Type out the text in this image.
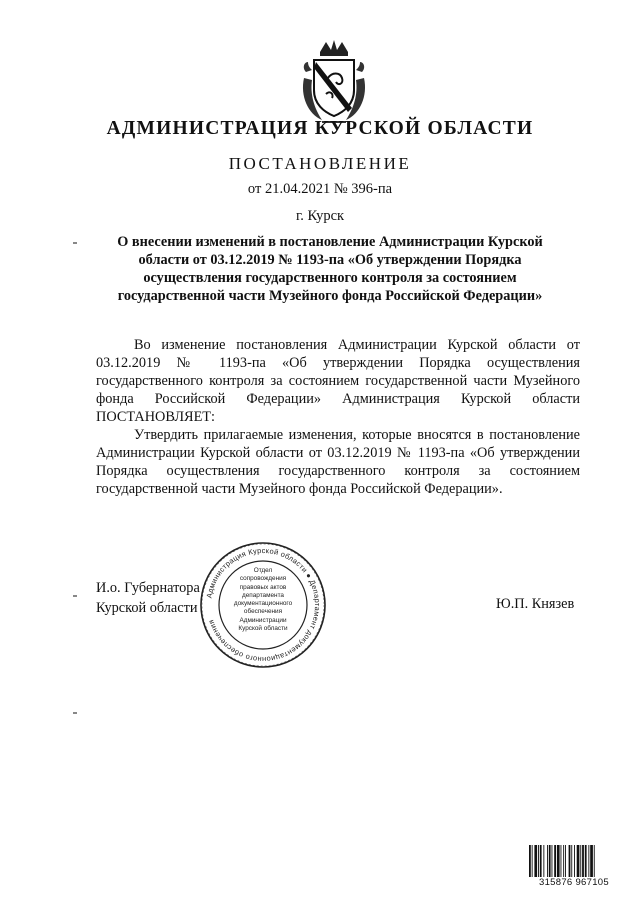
АДМИНИСТРАЦИЯ КУРСКОЙ ОБЛАСТИ
ПОСТАНОВЛЕНИЕ
от 21.04.2021 № 396-па
г. Курск
О внесении изменений в постановление Администрации Курской
области от 03.12.2019 № 1193-па «Об утверждении Порядка
осуществления государственного контроля за состоянием
государственной части Музейного фонда Российской Федерации»

Во изменение постановления Администрации Курской области от 03.12.2019 № 1193-па «Об утверждении Порядка осуществления государственного контроля за состоянием государственной части Музейного фонда Российской Федерации» Администрация Курской области ПОСТАНОВЛЯЕТ:

Утвердить прилагаемые изменения, которые вносятся в постановление Администрации Курской области от 03.12.2019 № 1193-па «Об утверждении Порядка осуществления государственного контроля за состоянием государственной части Музейного фонда Российской Федерации».

И.о. Губернатора
Курской области
Администрация Курской области ● Департамент документационного обеспечения
Отдел
сопровождения
правовых актов
департамента
документационного
обеспечения
Администрации
Курской области
Ю.П. Князев
315876 967105
